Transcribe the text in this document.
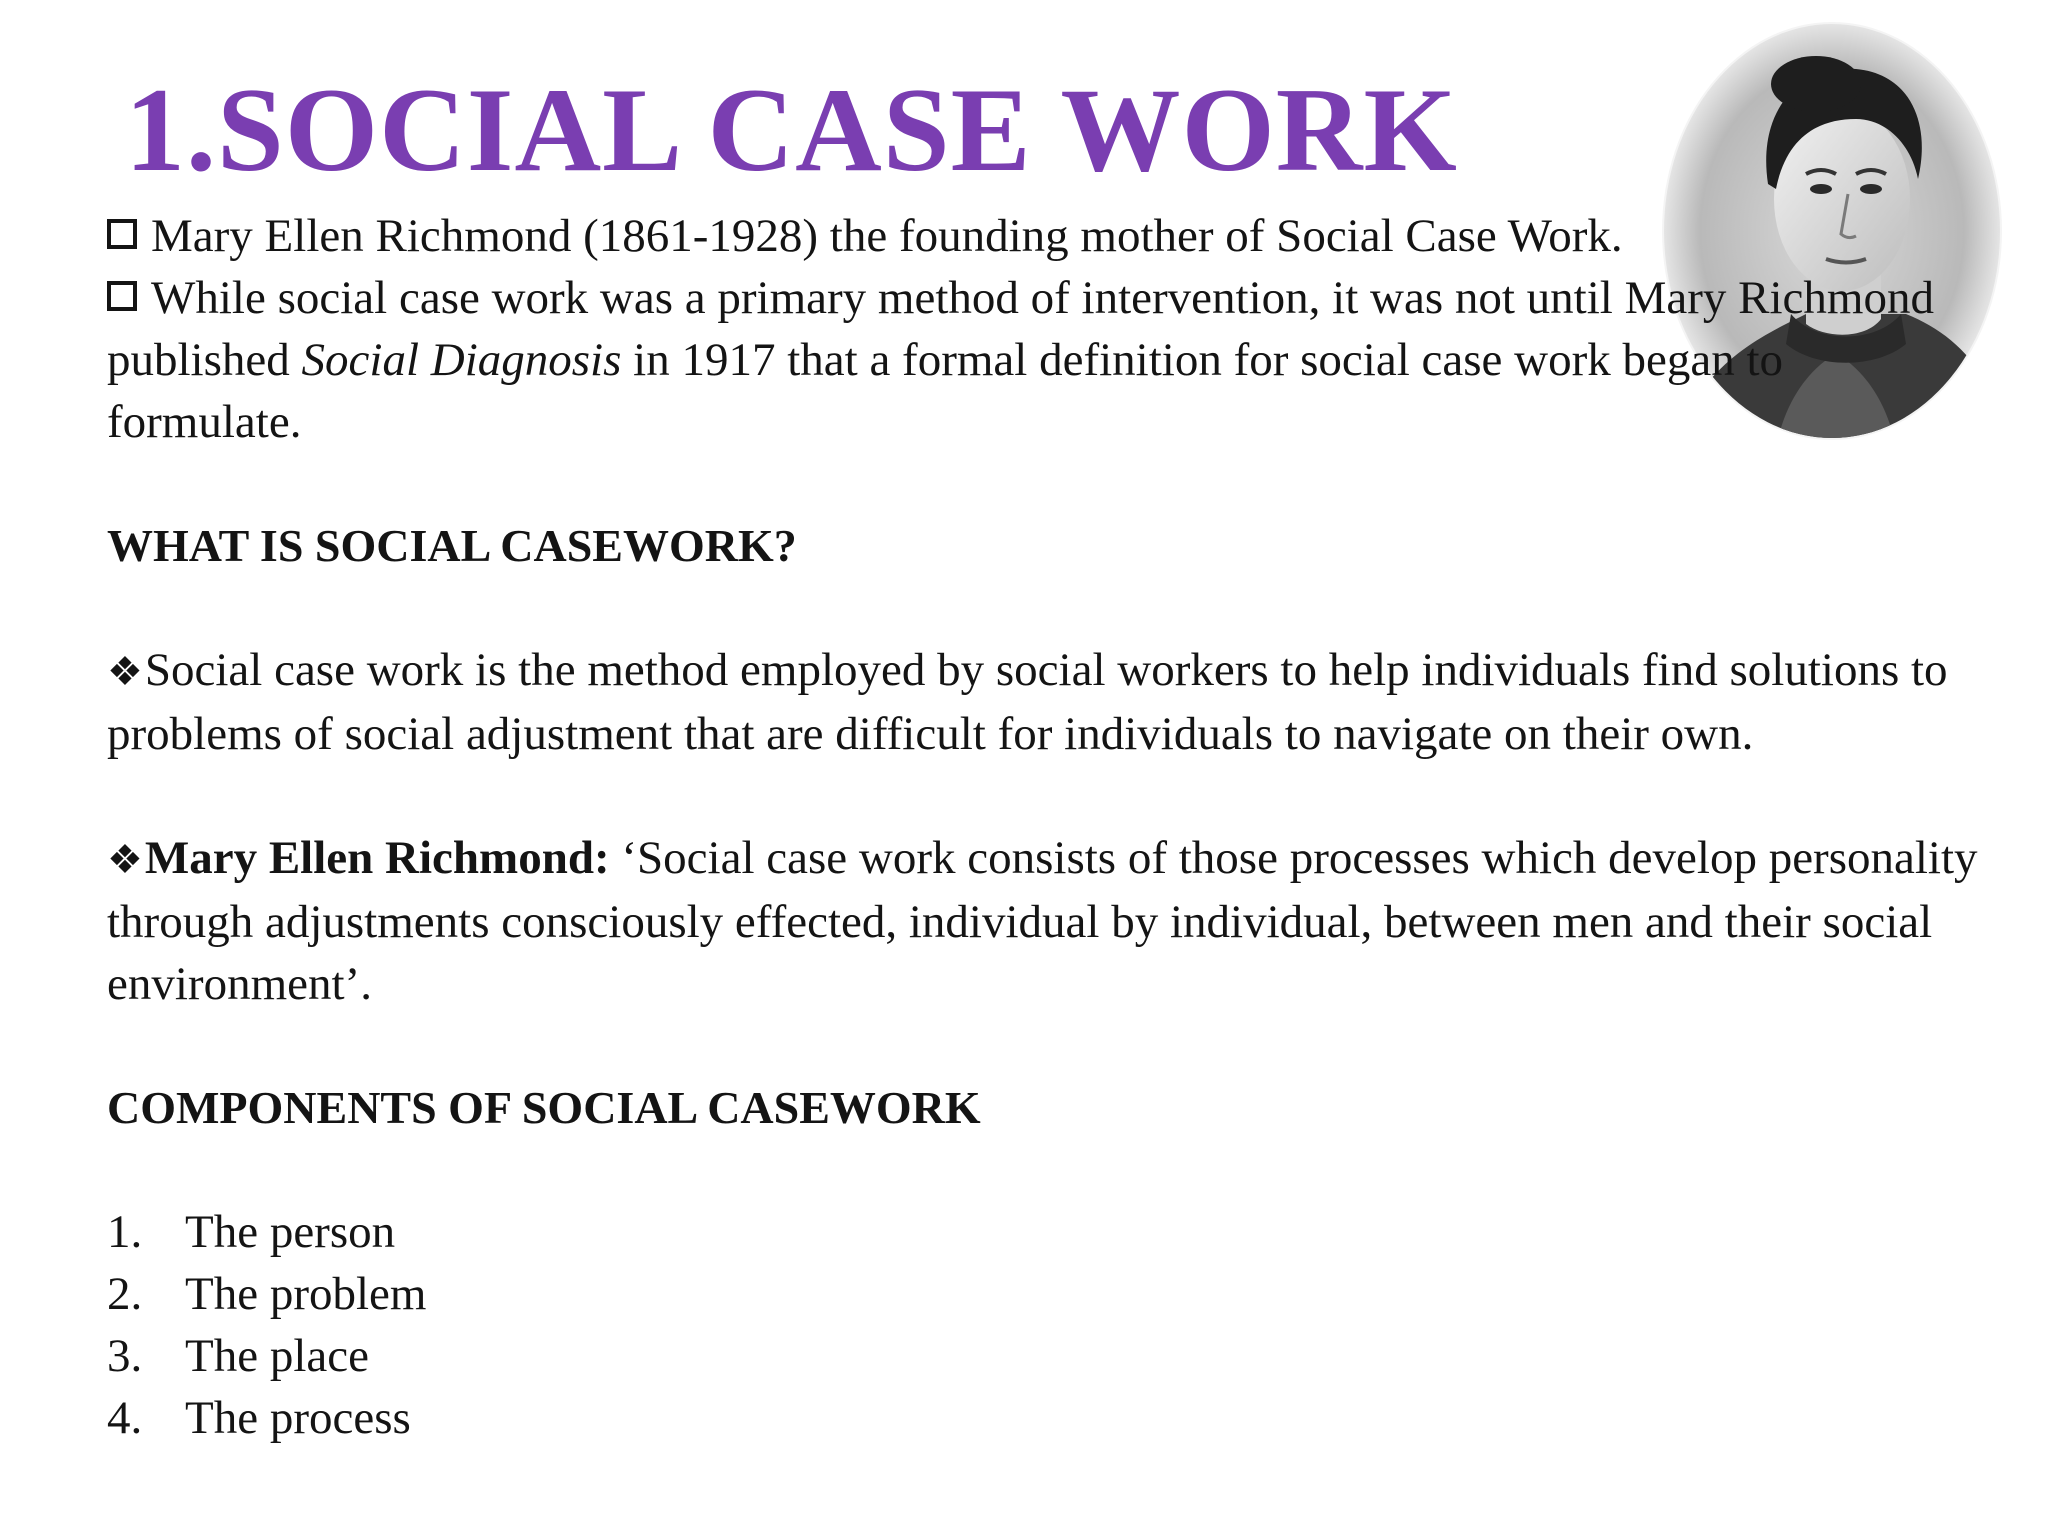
1.SOCIAL CASE WORK

Mary Ellen Richmond (1861-1928) the founding mother of Social Case Work.

While social case work was a primary method of intervention, it was not until Mary Richmond published Social Diagnosis in 1917 that a formal definition for social case work began to formulate.

WHAT IS SOCIAL CASEWORK?

❖Social case work is the method employed by social workers to help individuals find solutions to problems of social adjustment that are difficult for individuals to navigate on their own.

❖Mary Ellen Richmond: ‘Social case work consists of those processes which develop personality through adjustments consciously effected, individual by individual, between men and their social environment’.

COMPONENTS OF SOCIAL CASEWORK

1. The person
2. The problem
3. The place
4. The process
